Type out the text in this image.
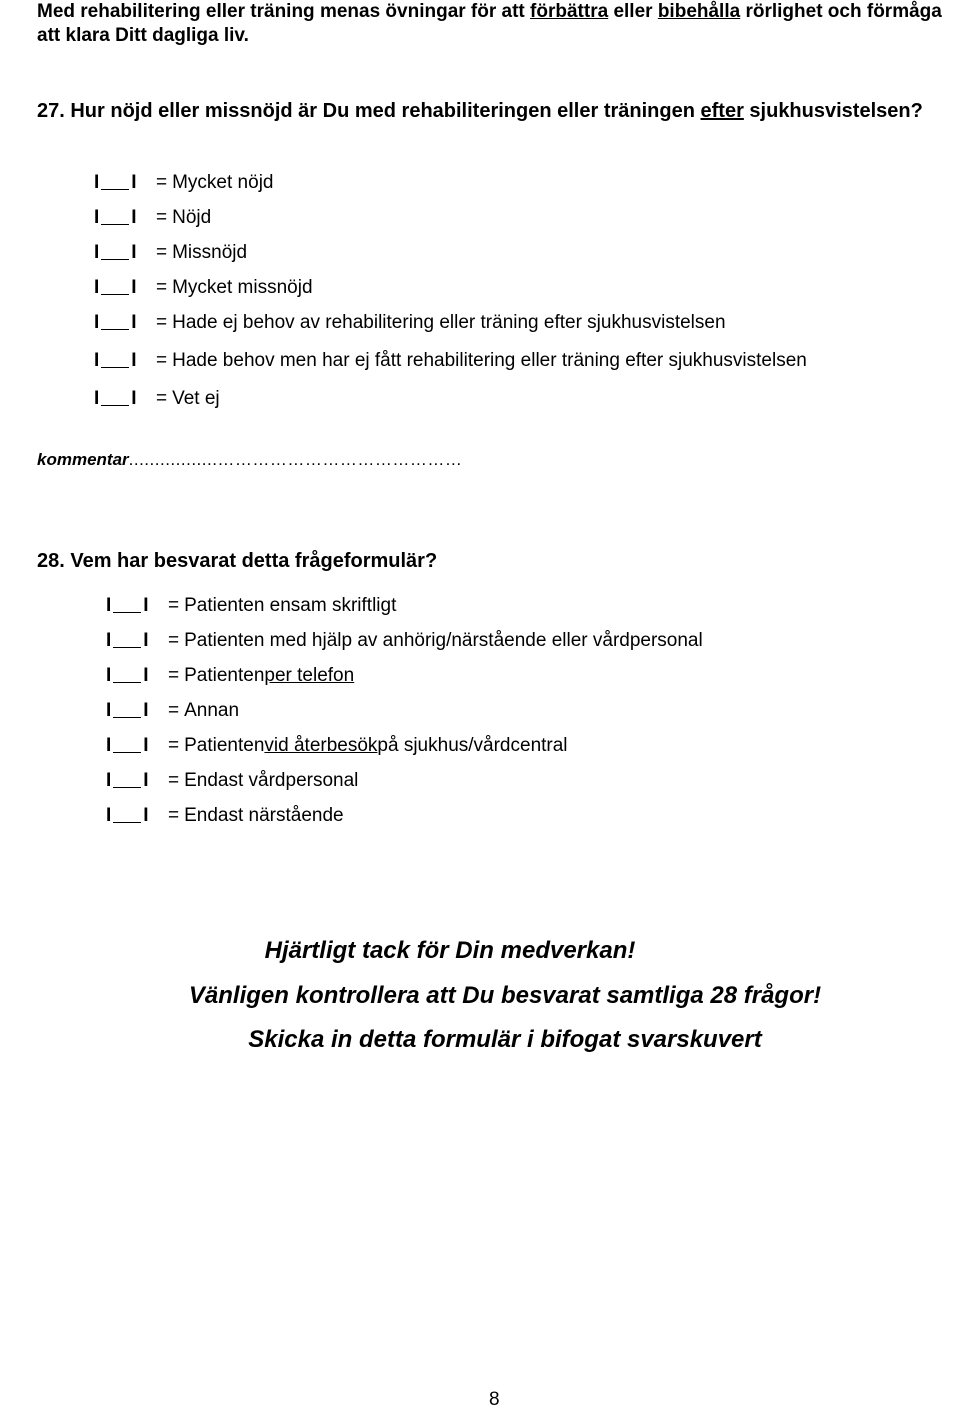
Med rehabilitering eller träning menas övningar för att förbättra eller bibehålla rörlighet och förmåga att klara Ditt dagliga liv.

27. Hur nöjd eller missnöjd är Du med rehabiliteringen eller träningen efter sjukhusvistelsen?

I I	= Mycket nöjd
I I	= Nöjd
I I	= Missnöjd
I I	= Mycket missnöjd
I I	= Hade ej behov av rehabilitering eller träning efter sjukhusvistelsen
I I	= Hade behov men har ej fått rehabilitering eller träning efter sjukhusvistelsen
I I	= Vet ej
kommentar.................……………………………………

28. Vem har besvarat detta frågeformulär?

I I	= Patienten ensam skriftligt
I I	= Patienten med hjälp av anhörig/närstående eller vårdpersonal
I I	= Patienten per telefon
I I	= Annan
I I	= Patienten vid återbesök på sjukhus/vårdcentral
I I	= Endast vårdpersonal
I I	= Endast närstående

Hjärtligt tack för Din medverkan!

Vänligen kontrollera att Du besvarat samtliga 28 frågor!

Skicka in detta formulär i bifogat svarskuvert

8
